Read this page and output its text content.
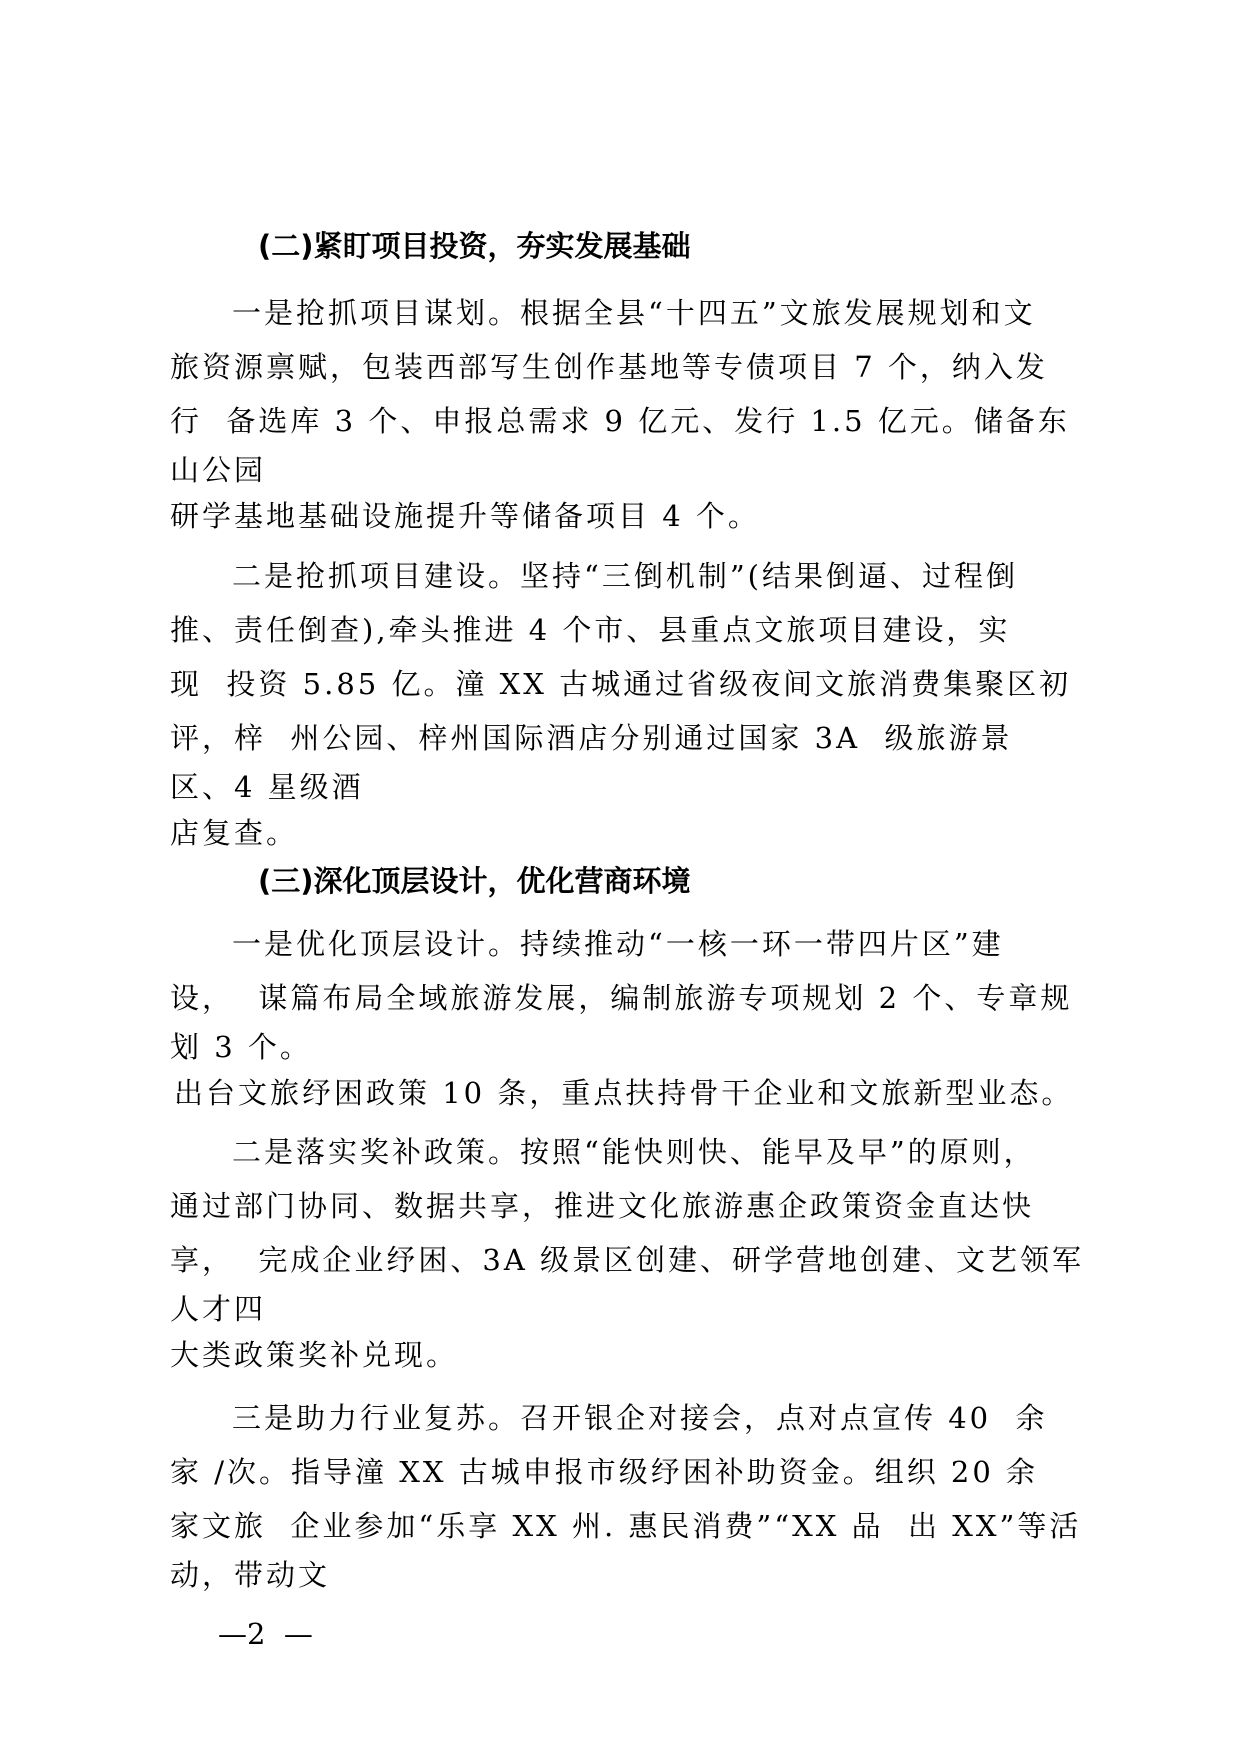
(二)紧盯项目投资，夯实发展基础
一是抢抓项目谋划。根据全县“十四五”文旅发展规划和文
旅资源禀赋，包装西部写生创作基地等专债项目 7 个，纳入发
行  备选库 3 个、申报总需求 9 亿元、发行 1.5 亿元。储备东
山公园
研学基地基础设施提升等储备项目 4 个。
二是抢抓项目建设。坚持“三倒机制”(结果倒逼、过程倒
推、责任倒查),牵头推进 4 个市、县重点文旅项目建设，实
现  投资 5.85 亿。潼 XX 古城通过省级夜间文旅消费集聚区初
评，梓  州公园、梓州国际酒店分别通过国家 3A  级旅游景
区、4 星级酒
店复查。
(三)深化顶层设计，优化营商环境
一是优化顶层设计。持续推动“一核一环一带四片区”建
设，  谋篇布局全域旅游发展，编制旅游专项规划 2 个、专章规
划 3 个。
出台文旅纾困政策 10 条，重点扶持骨干企业和文旅新型业态。
二是落实奖补政策。按照“能快则快、能早及早”的原则，
通过部门协同、数据共享，推进文化旅游惠企政策资金直达快
享，  完成企业纾困、3A 级景区创建、研学营地创建、文艺领军
人才四
大类政策奖补兑现。
三是助力行业复苏。召开银企对接会，点对点宣传 40  余
家 /次。指导潼 XX 古城申报市级纾困补助资金。组织 20 余
家文旅  企业参加“乐享 XX 州. 惠民消费”“XX 品  出 XX”等活
动，带动文
—2  —
